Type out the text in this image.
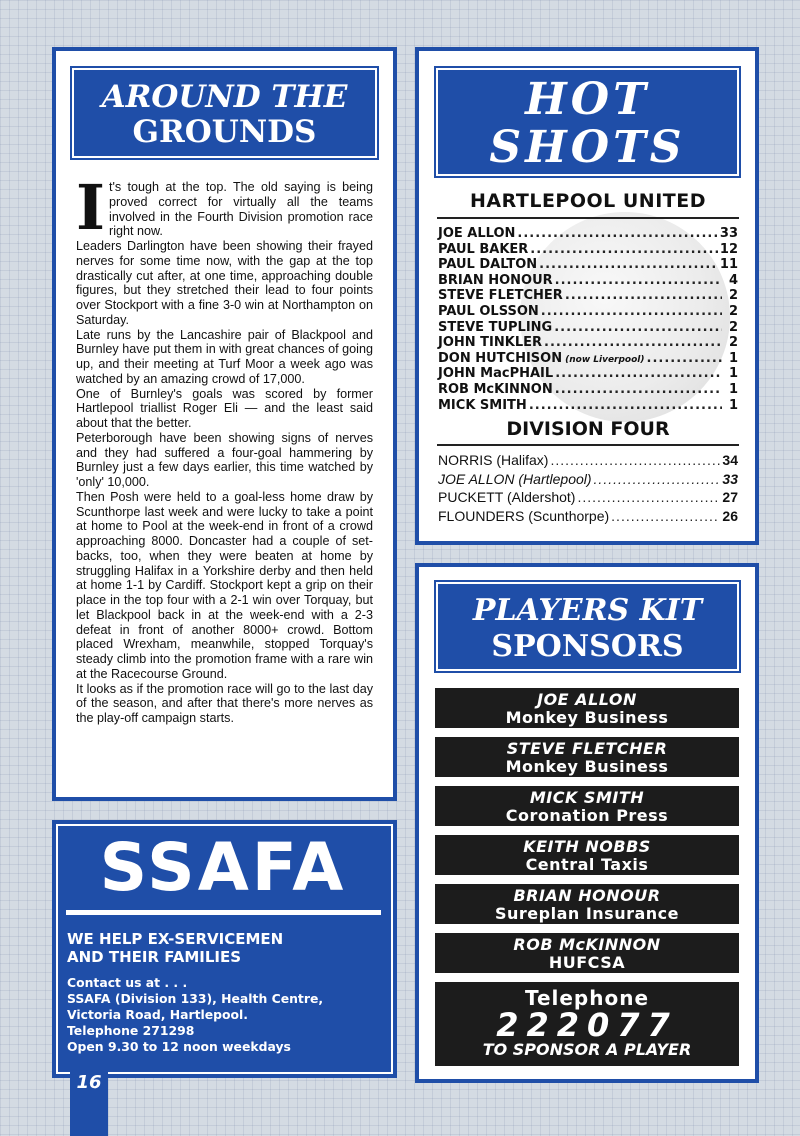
AROUND THE
GROUNDS
I t's tough at the top. The old saying is being proved correct for virtually all the teams involved in the Fourth Division promotion race right now.

Leaders Darlington have been showing their frayed nerves for some time now, with the gap at the top drastically cut after, at one time, approaching double figures, but they stretched their lead to four points over Stockport with a fine 3-0 win at Northampton on Saturday.

Late runs by the Lancashire pair of Blackpool and Burnley have put them in with great chances of going up, and their meeting at Turf Moor a week ago was watched by an amazing crowd of 17,000.

One of Burnley's goals was scored by former Hartlepool triallist Roger Eli — and the least said about that the better.

Peterborough have been showing signs of nerves and they had suffered a four-goal hammering by Burnley just a few days earlier, this time watched by 'only' 10,000.

Then Posh were held to a goal-less home draw by Scunthorpe last week and were lucky to take a point at home to Pool at the week-end in front of a crowd approaching 8000. Doncaster had a couple of set-backs, too, when they were beaten at home by struggling Halifax in a Yorkshire derby and then held at home 1-1 by Cardiff. Stockport kept a grip on their place in the top four with a 2-1 win over Torquay, but let Blackpool back in at the week-end with a 2-3 defeat in front of another 8000+ crowd. Bottom placed Wrexham, meanwhile, stopped Torquay's steady climb into the promotion frame with a rare win at the Racecourse Ground.

It looks as if the promotion race will go to the last day of the season, and after that there's more nerves as the play-off campaign starts.

HOT
SHOTS
HARTLEPOOL UNITED
JOE ALLON .....	33
PAUL BAKER .....	12
PAUL DALTON .....	11
BRIAN HONOUR .....	4
STEVE FLETCHER .....	2
PAUL OLSSON .....	2
STEVE TUPLING .....	2
JOHN TINKLER .....	2
DON HUTCHISON (now Liverpool) .....	1
JOHN MacPHAIL .....	1
ROB McKINNON .....	1
MICK SMITH .....	1
DIVISION FOUR
NORRIS (Halifax) .....	34
JOE ALLON (Hartlepool) .....	33
PUCKETT (Aldershot) .....	27
FLOUNDERS (Scunthorpe) .....	26
PLAYERS KIT
SPONSORS
JOE ALLON
Monkey Business
STEVE FLETCHER
Monkey Business
MICK SMITH
Coronation Press
KEITH NOBBS
Central Taxis
BRIAN HONOUR
Sureplan Insurance
ROB McKINNON
HUFCSA
Telephone
222077
TO SPONSOR A PLAYER
SSAFA
WE HELP EX-SERVICEMEN
AND THEIR FAMILIES
Contact us at . . .
SSAFA (Division 133), Health Centre,
Victoria Road, Hartlepool.
Telephone 271298
Open 9.30 to 12 noon weekdays
16
